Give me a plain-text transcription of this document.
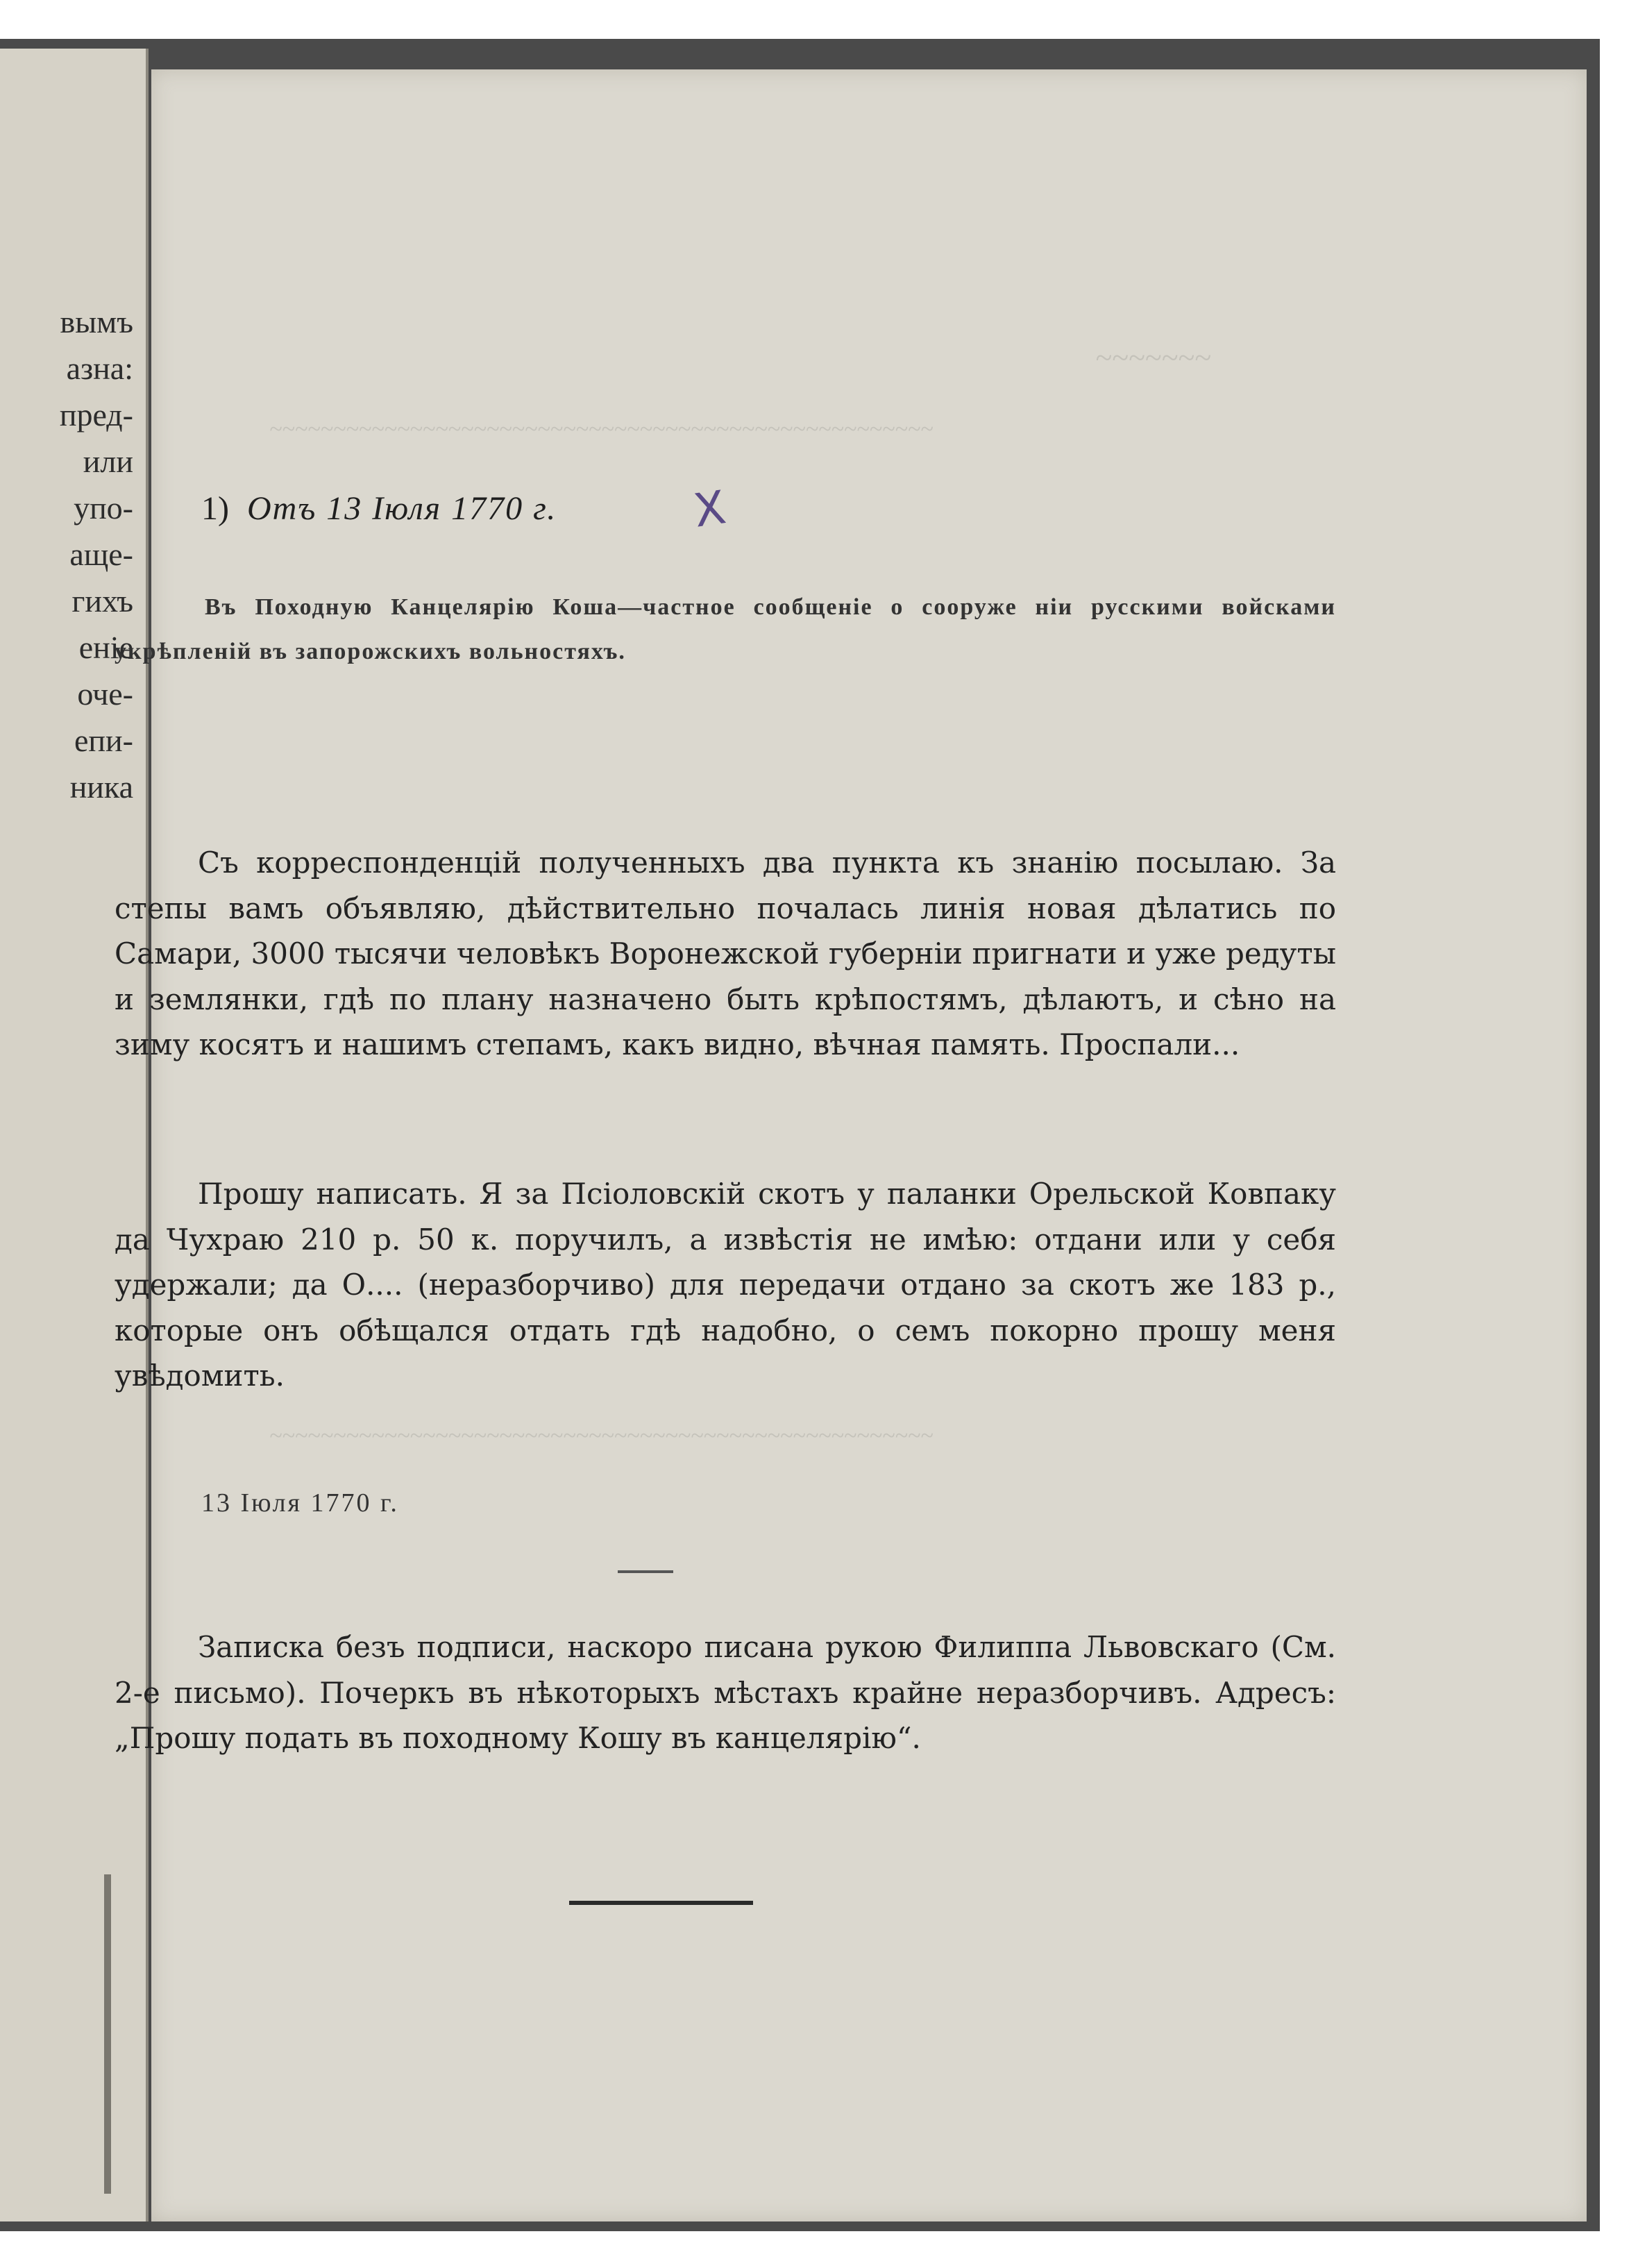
вымъ
азна:
пред-
или
упо-
аще-
гихъ
еніе
оче-
епи-
ника
~~~~~~~
~~~~~~~~~~~~~~~~~~~~~~~~~~~~~~~~~~~~~~~~~~~~~~~~~~~~
~~~~~~~~~~~~~~~~~~~~~~~~~~~~~~~~~~~~~~~~~~~~~~~~~~~~
1) Отъ 13 Іюля 1770 г.	X
Въ Походную Канцелярію Коша—частное сообщеніе о сооруже ніи русскими войсками укрѣпленій въ запорожскихъ вольностяхъ.
Съ корреспонденцій полученныхъ два пункта къ знанію посылаю. За степы вамъ объявляю, дѣйствительно почалась линія новая дѣлатись по Самари, 3000 тысячи человѣкъ Воронежской губерніи пригнати и уже редуты и землянки, гдѣ по плану назначено быть крѣпостямъ, дѣлаютъ, и сѣно на зиму косятъ и нашимъ степамъ, какъ видно, вѣчная память. Проспали...
Прошу написать. Я за Псіоловскій скотъ у паланки Орельской Ковпаку да Чухраю 210 р. 50 к. поручилъ, а извѣстія не имѣю: отдани или у себя удержали; да О.... (неразборчиво) для передачи отдано за скотъ же 183 р., которые онъ обѣщался отдать гдѣ надобно, о семъ покорно прошу меня увѣдомить.
13 Іюля 1770 г.
Записка безъ подписи, наскоро писана рукою Филиппа Львовскаго (См. 2-е письмо). Почеркъ въ нѣкоторыхъ мѣстахъ крайне неразборчивъ. Адресъ: „Прошу подать въ походному Кошу въ канцелярію“.
